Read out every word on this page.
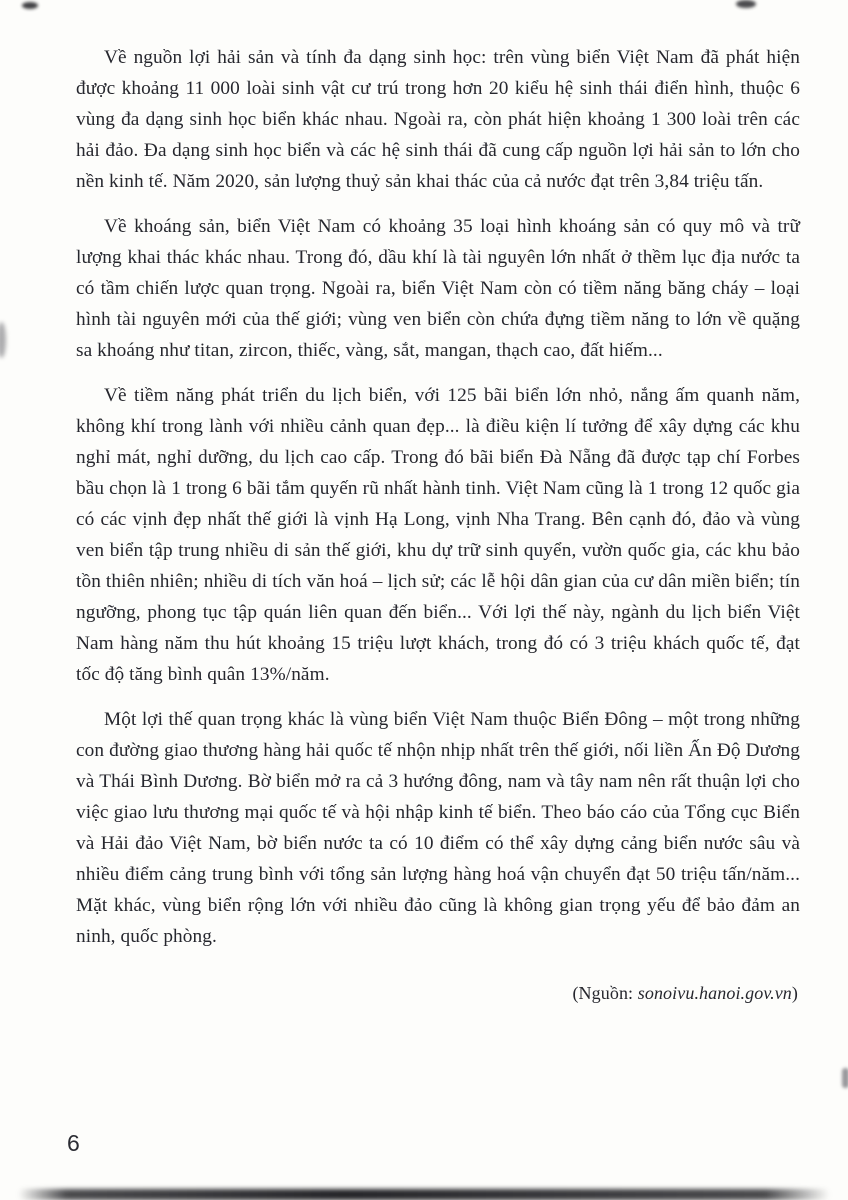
Về nguồn lợi hải sản và tính đa dạng sinh học: trên vùng biển Việt Nam đã phát hiện được khoảng 11 000 loài sinh vật cư trú trong hơn 20 kiểu hệ sinh thái điển hình, thuộc 6 vùng đa dạng sinh học biển khác nhau. Ngoài ra, còn phát hiện khoảng 1 300 loài trên các hải đảo. Đa dạng sinh học biển và các hệ sinh thái đã cung cấp nguồn lợi hải sản to lớn cho nền kinh tế. Năm 2020, sản lượng thuỷ sản khai thác của cả nước đạt trên 3,84 triệu tấn.

Về khoáng sản, biển Việt Nam có khoảng 35 loại hình khoáng sản có quy mô và trữ lượng khai thác khác nhau. Trong đó, dầu khí là tài nguyên lớn nhất ở thềm lục địa nước ta có tầm chiến lược quan trọng. Ngoài ra, biển Việt Nam còn có tiềm năng băng cháy – loại hình tài nguyên mới của thế giới; vùng ven biển còn chứa đựng tiềm năng to lớn về quặng sa khoáng như titan, zircon, thiếc, vàng, sắt, mangan, thạch cao, đất hiếm...

Về tiềm năng phát triển du lịch biển, với 125 bãi biển lớn nhỏ, nắng ấm quanh năm, không khí trong lành với nhiều cảnh quan đẹp... là điều kiện lí tưởng để xây dựng các khu nghỉ mát, nghỉ dưỡng, du lịch cao cấp. Trong đó bãi biển Đà Nẵng đã được tạp chí Forbes bầu chọn là 1 trong 6 bãi tắm quyến rũ nhất hành tinh. Việt Nam cũng là 1 trong 12 quốc gia có các vịnh đẹp nhất thế giới là vịnh Hạ Long, vịnh Nha Trang. Bên cạnh đó, đảo và vùng ven biển tập trung nhiều di sản thế giới, khu dự trữ sinh quyển, vườn quốc gia, các khu bảo tồn thiên nhiên; nhiều di tích văn hoá – lịch sử; các lễ hội dân gian của cư dân miền biển; tín ngưỡng, phong tục tập quán liên quan đến biển... Với lợi thế này, ngành du lịch biển Việt Nam hàng năm thu hút khoảng 15 triệu lượt khách, trong đó có 3 triệu khách quốc tế, đạt tốc độ tăng bình quân 13%/năm.

Một lợi thế quan trọng khác là vùng biển Việt Nam thuộc Biển Đông – một trong những con đường giao thương hàng hải quốc tế nhộn nhịp nhất trên thế giới, nối liền Ấn Độ Dương và Thái Bình Dương. Bờ biển mở ra cả 3 hướng đông, nam và tây nam nên rất thuận lợi cho việc giao lưu thương mại quốc tế và hội nhập kinh tế biển. Theo báo cáo của Tổng cục Biển và Hải đảo Việt Nam, bờ biển nước ta có 10 điểm có thể xây dựng cảng biển nước sâu và nhiều điểm cảng trung bình với tổng sản lượng hàng hoá vận chuyển đạt 50 triệu tấn/năm... Mặt khác, vùng biển rộng lớn với nhiều đảo cũng là không gian trọng yếu để bảo đảm an ninh, quốc phòng.

(Nguồn: sonoivu.hanoi.gov.vn)

6
